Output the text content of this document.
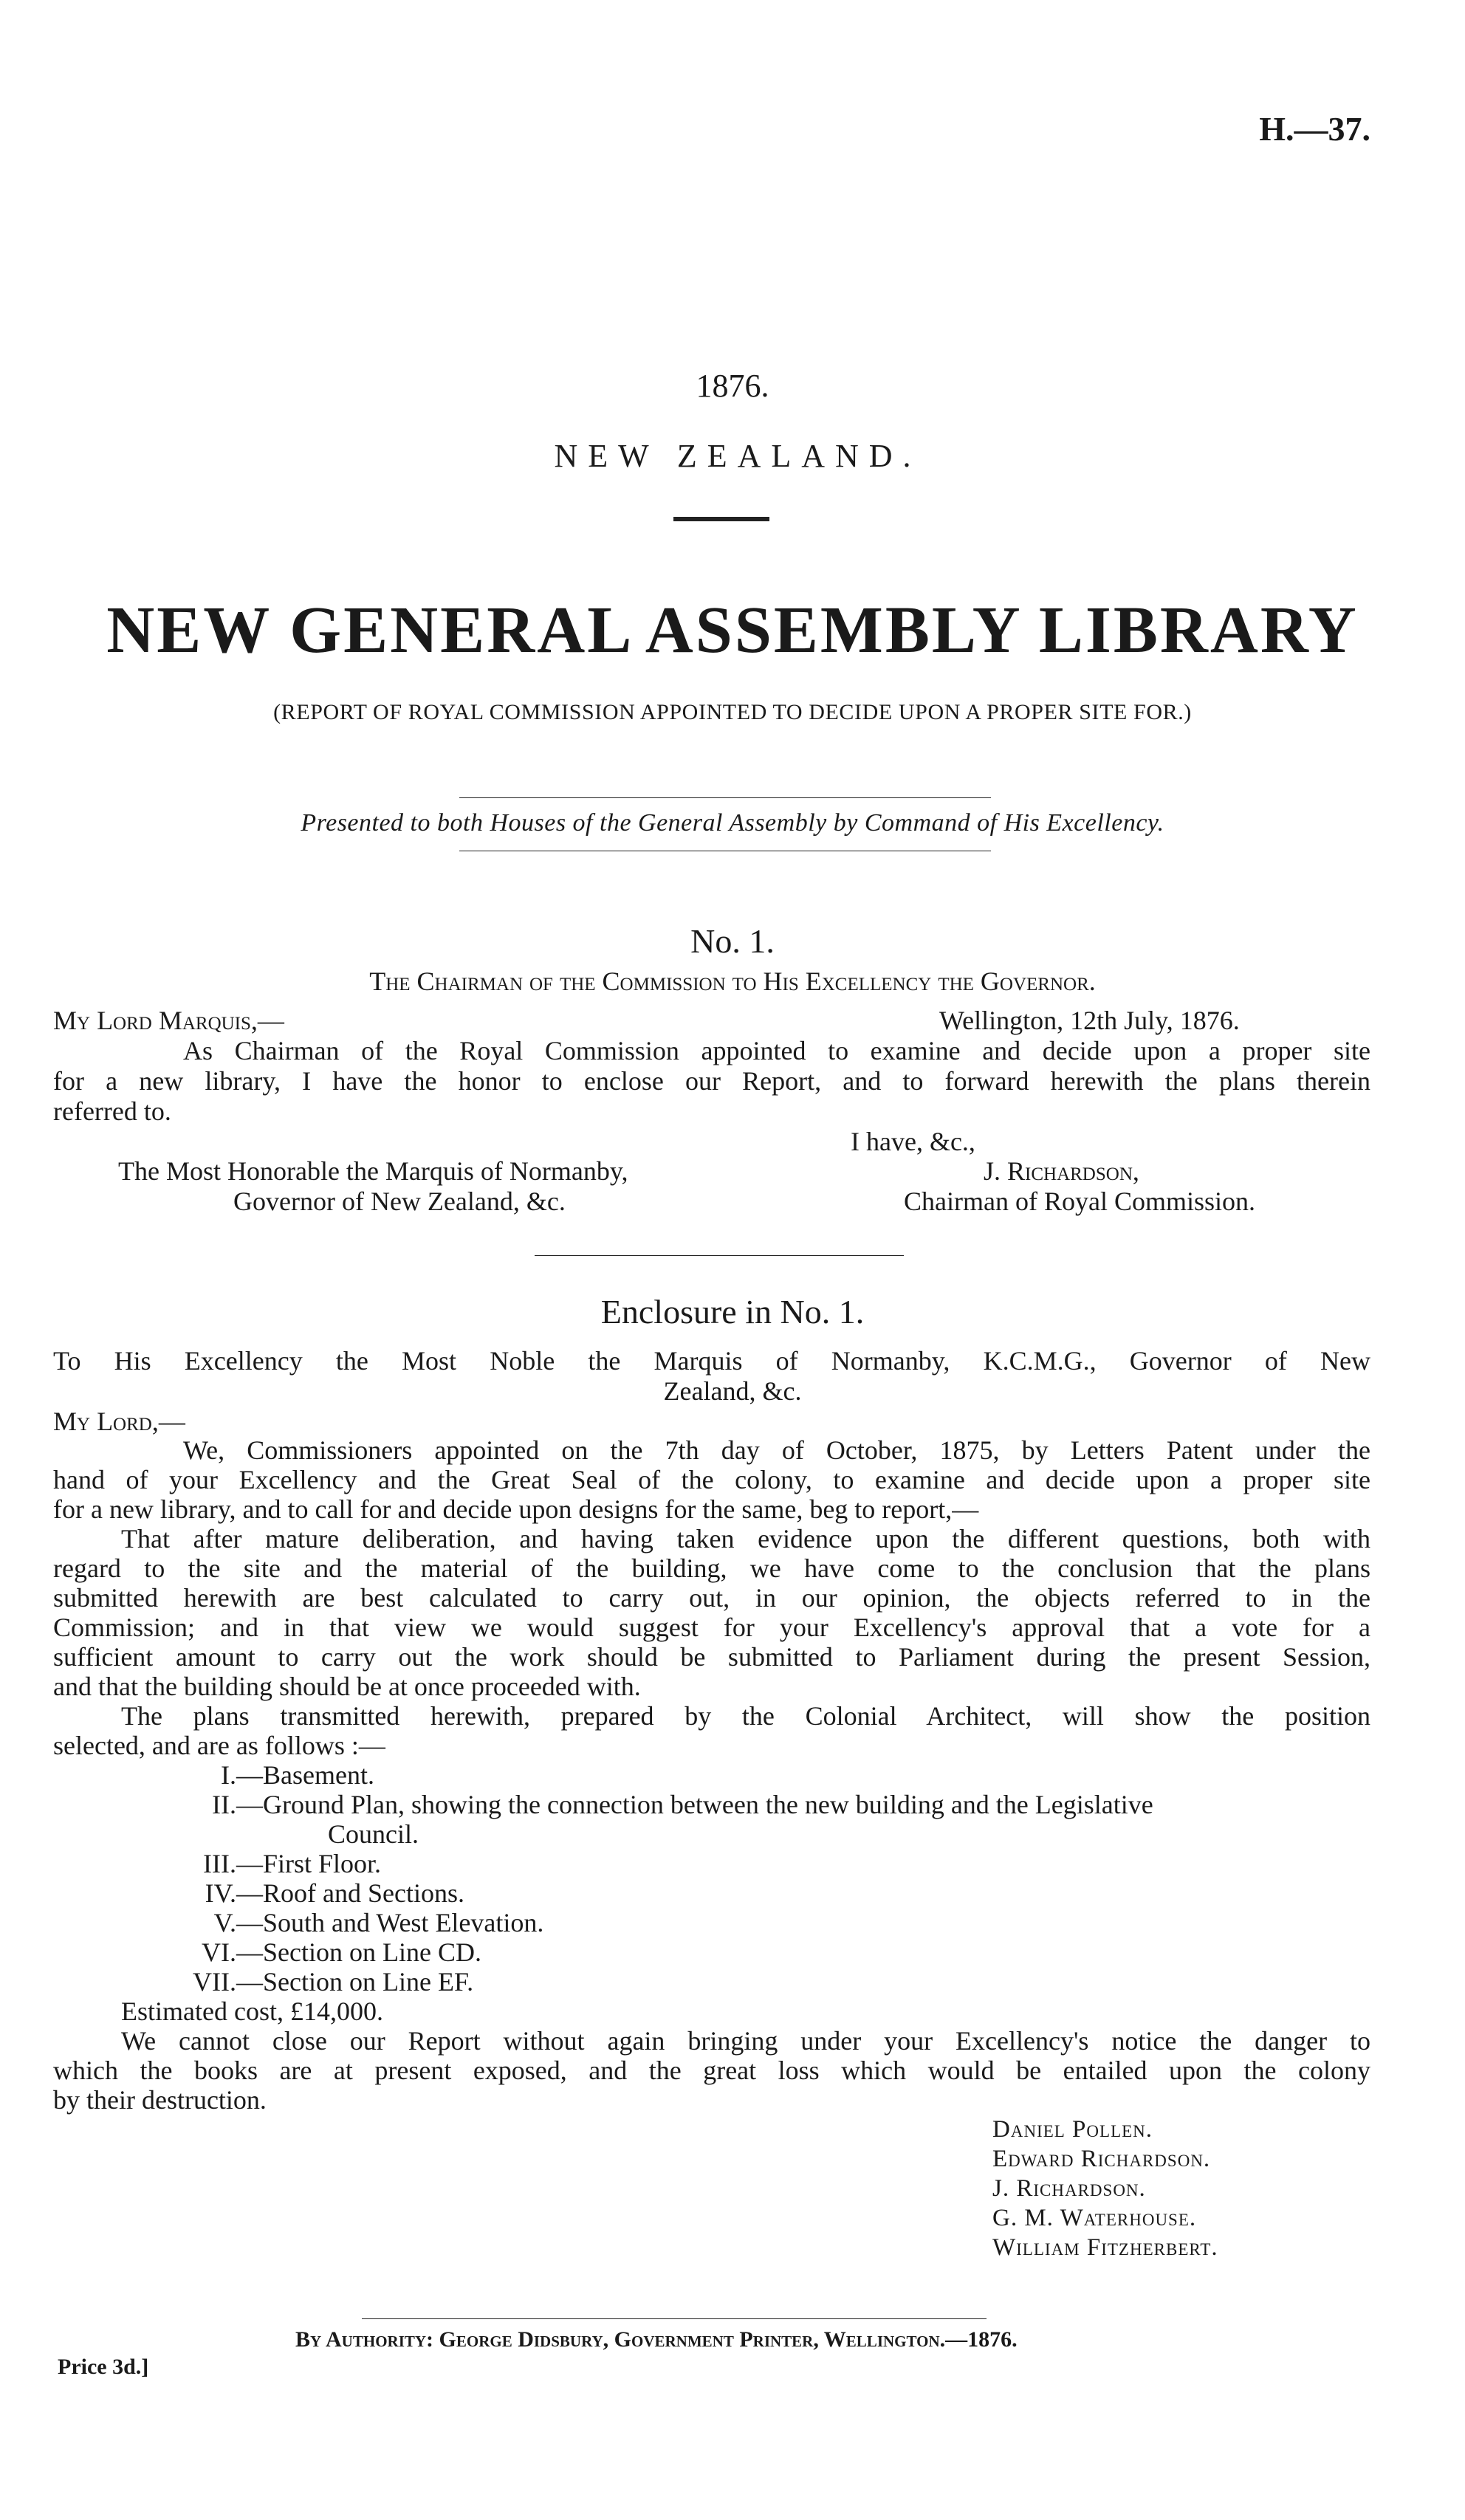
H.—37.
1876.
NEW ZEALAND.
NEW GENERAL ASSEMBLY LIBRARY
(REPORT OF ROYAL COMMISSION APPOINTED TO DECIDE UPON A PROPER SITE FOR.)
Presented to both Houses of the General Assembly by Command of His Excellency.
No. 1.
The Chairman of the Commission to His Excellency the Governor.
My Lord Marquis,—	Wellington, 12th July, 1876.
As Chairman of the Royal Commission appointed to examine and decide upon a proper site
for a new library, I have the honor to enclose our Report, and to forward herewith the plans therein
referred to.
I have, &c.,
The Most Honorable the Marquis of Normanby,	J. Richardson,
Governor of New Zealand, &c.	Chairman of Royal Commission.
Enclosure in No. 1.
To His Excellency the Most Noble the Marquis of Normanby, K.C.M.G., Governor of New
Zealand, &c.
My Lord,—
We, Commissioners appointed on the 7th day of October, 1875, by Letters Patent under the
hand of your Excellency and the Great Seal of the colony, to examine and decide upon a proper site
for a new library, and to call for and decide upon designs for the same, beg to report,—
That after mature deliberation, and having taken evidence upon the different questions, both with
regard to the site and the material of the building, we have come to the conclusion that the plans
submitted herewith are best calculated to carry out, in our opinion, the objects referred to in the
Commission; and in that view we would suggest for your Excellency's approval that a vote for a
sufficient amount to carry out the work should be submitted to Parliament during the present Session,
and that the building should be at once proceeded with.
The plans transmitted herewith, prepared by the Colonial Architect, will show the position
selected, and are as follows :—
I.—Basement.
II.—Ground Plan, showing the connection between the new building and the Legislative
Council.
III.—First Floor.
IV.—Roof and Sections.
V.—South and West Elevation.
VI.—Section on Line CD.
VII.—Section on Line EF.
Estimated cost, £14,000.
We cannot close our Report without again bringing under your Excellency's notice the danger to
which the books are at present exposed, and the great loss which would be entailed upon the colony
by their destruction.
Daniel Pollen.
Edward Richardson.
J. Richardson.
G. M. Waterhouse.
William Fitzherbert.
By Authority: George Didsbury, Government Printer, Wellington.—1876.
Price 3d.]
